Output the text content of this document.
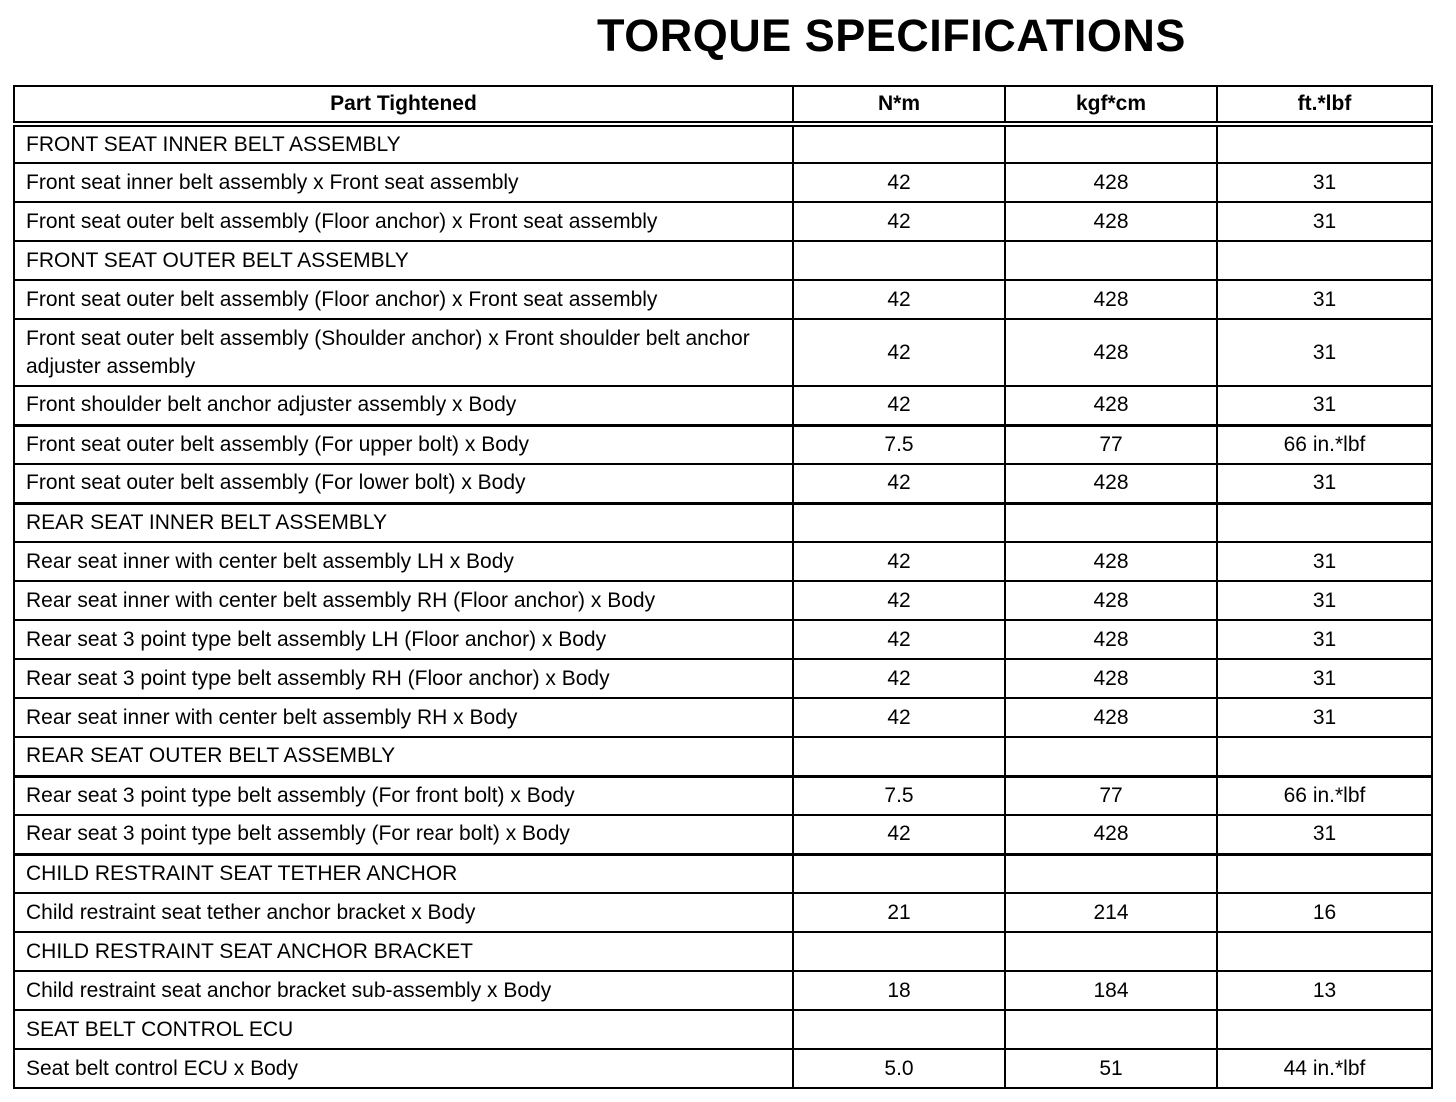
TORQUE SPECIFICATIONS
Part Tightened	N*m	kgf*cm	ft.*lbf
FRONT SEAT INNER BELT ASSEMBLY			
Front seat inner belt assembly x Front seat assembly	42	428	31
Front seat outer belt assembly (Floor anchor) x Front seat assembly	42	428	31
FRONT SEAT OUTER BELT ASSEMBLY			
Front seat outer belt assembly (Floor anchor) x Front seat assembly	42	428	31
Front seat outer belt assembly (Shoulder anchor) x Front shoulder belt anchor adjuster assembly	42	428	31
Front shoulder belt anchor adjuster assembly x Body	42	428	31
Front seat outer belt assembly (For upper bolt) x Body	7.5	77	66 in.*lbf
Front seat outer belt assembly (For lower bolt) x Body	42	428	31
REAR SEAT INNER BELT ASSEMBLY			
Rear seat inner with center belt assembly LH x Body	42	428	31
Rear seat inner with center belt assembly RH (Floor anchor) x Body	42	428	31
Rear seat 3 point type belt assembly LH (Floor anchor) x Body	42	428	31
Rear seat 3 point type belt assembly RH (Floor anchor) x Body	42	428	31
Rear seat inner with center belt assembly RH x Body	42	428	31
REAR SEAT OUTER BELT ASSEMBLY			
Rear seat 3 point type belt assembly (For front bolt) x Body	7.5	77	66 in.*lbf
Rear seat 3 point type belt assembly (For rear bolt) x Body	42	428	31
CHILD RESTRAINT SEAT TETHER ANCHOR			
Child restraint seat tether anchor bracket x Body	21	214	16
CHILD RESTRAINT SEAT ANCHOR BRACKET			
Child restraint seat anchor bracket sub-assembly x Body	18	184	13
SEAT BELT CONTROL ECU			
Seat belt control ECU x Body	5.0	51	44 in.*lbf
